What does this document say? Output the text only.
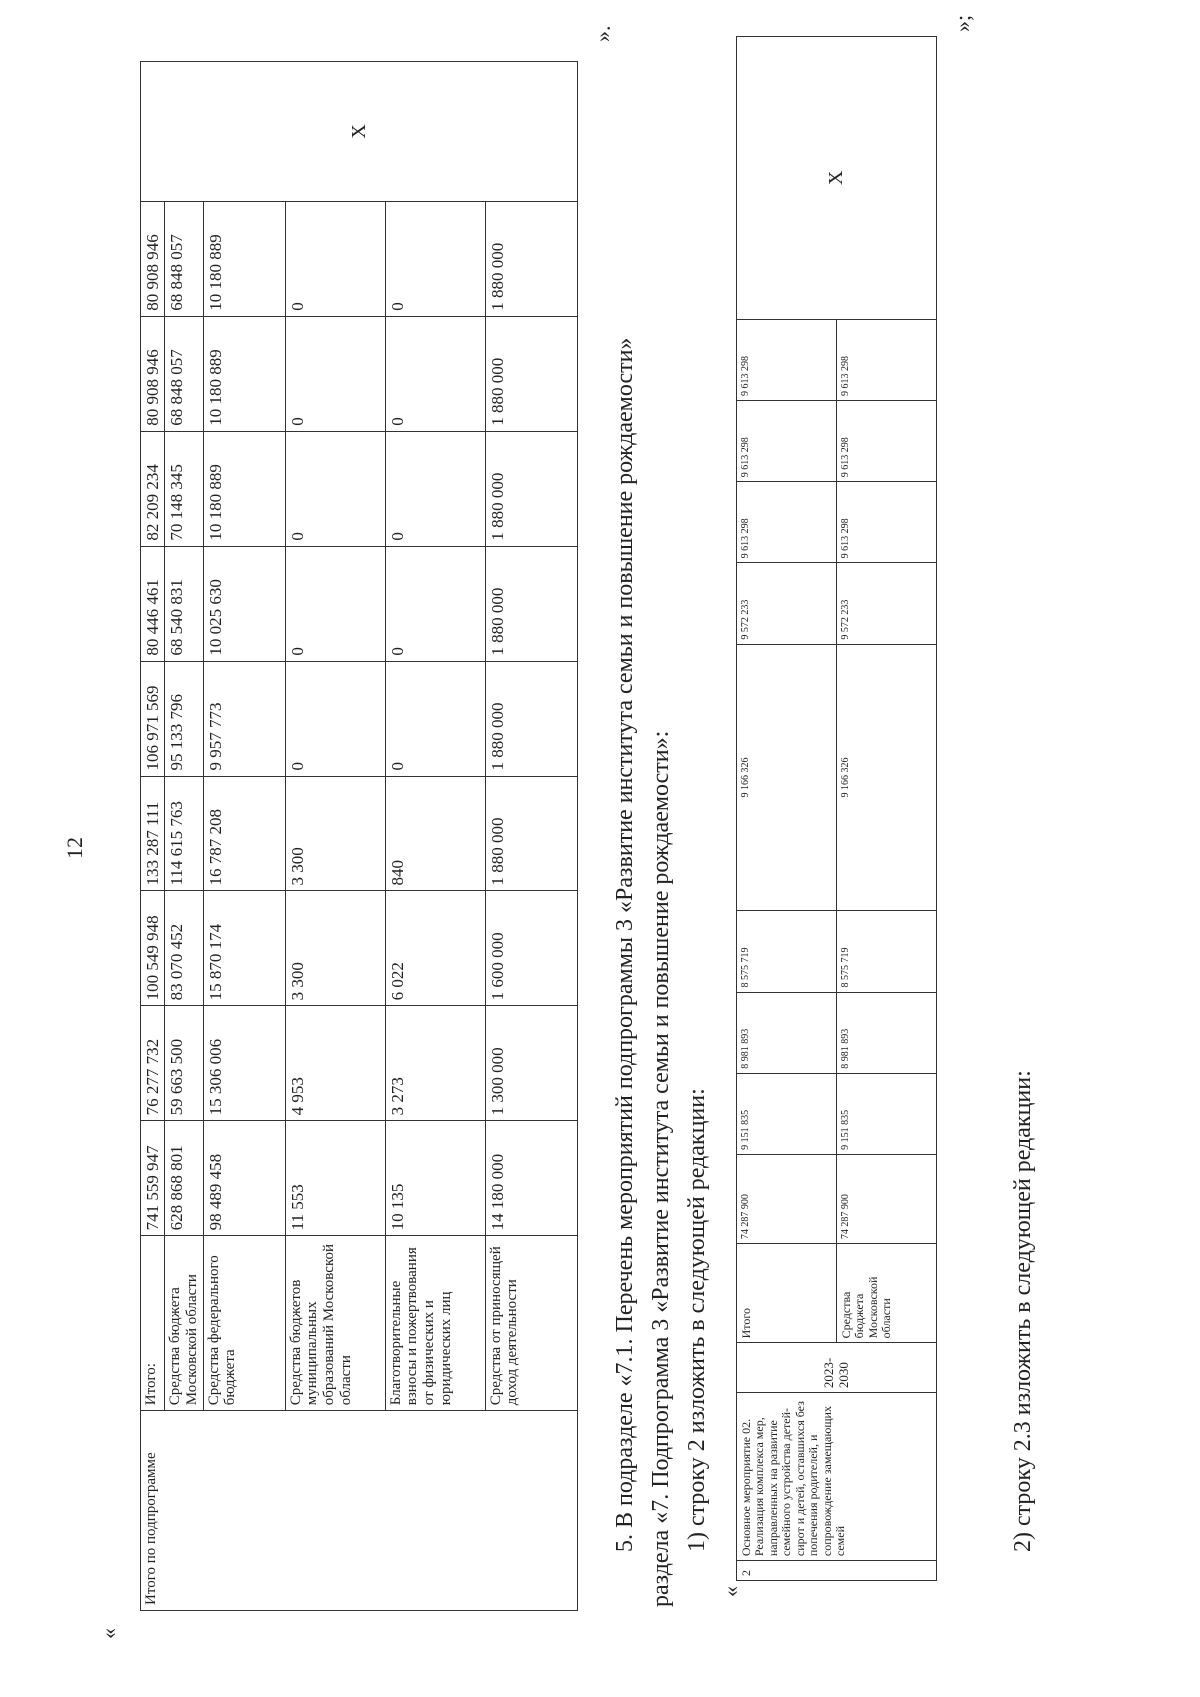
12
«
Итого по подпрограмме	Итого:	741 559 947	76 277 732	100 549 948	133 287 111	106 971 569	80 446 461	82 209 234	80 908 946	80 908 946	X
	Средства бюджета Московской области	628 868 801	59 663 500	83 070 452	114 615 763	95 133 796	68 540 831	70 148 345	68 848 057	68 848 057	
	Средства федерального бюджета	98 489 458	15 306 006	15 870 174	16 787 208	9 957 773	10 025 630	10 180 889	10 180 889	10 180 889	
	Средства бюджетов муниципальных образований Московской области	11 553	4 953	3 300	3 300	0	0	0	0	0	
	Благотворительные взносы и пожертвования от физических и юридических лиц	10 135	3 273	6 022	840	0	0	0	0	0	
	Средства от приносящей доход деятельности	14 180 000	1 300 000	1 600 000	1 880 000	1 880 000	1 880 000	1 880 000	1 880 000	1 880 000	
».
5. В подразделе «7.1. Перечень мероприятий подпрограммы 3 «Развитие института семьи и повышение рождаемости» раздела «7. Подпрограмма 3 «Развитие института семьи и повышение рождаемости»: 1) строку 2 изложить в следующей редакции:
«
2	Основное мероприятие 02. Реализация комплекса мер, направленных на развитие семейного устройства детей-сирот и детей, оставшихся без попечения родителей, и сопровождение замещающих семей	2023-2030	Итого	74 287 900	9 151 835	8 981 893	8 575 719	9 166 326	9 572 233	9 613 298	9 613 298	9 613 298	X
			Средства бюджета Московской области	74 287 900	9 151 835	8 981 893	8 575 719	9 166 326	9 572 233	9 613 298	9 613 298	9 613 298	
»;
2) строку 2.3 изложить в следующей редакции:
